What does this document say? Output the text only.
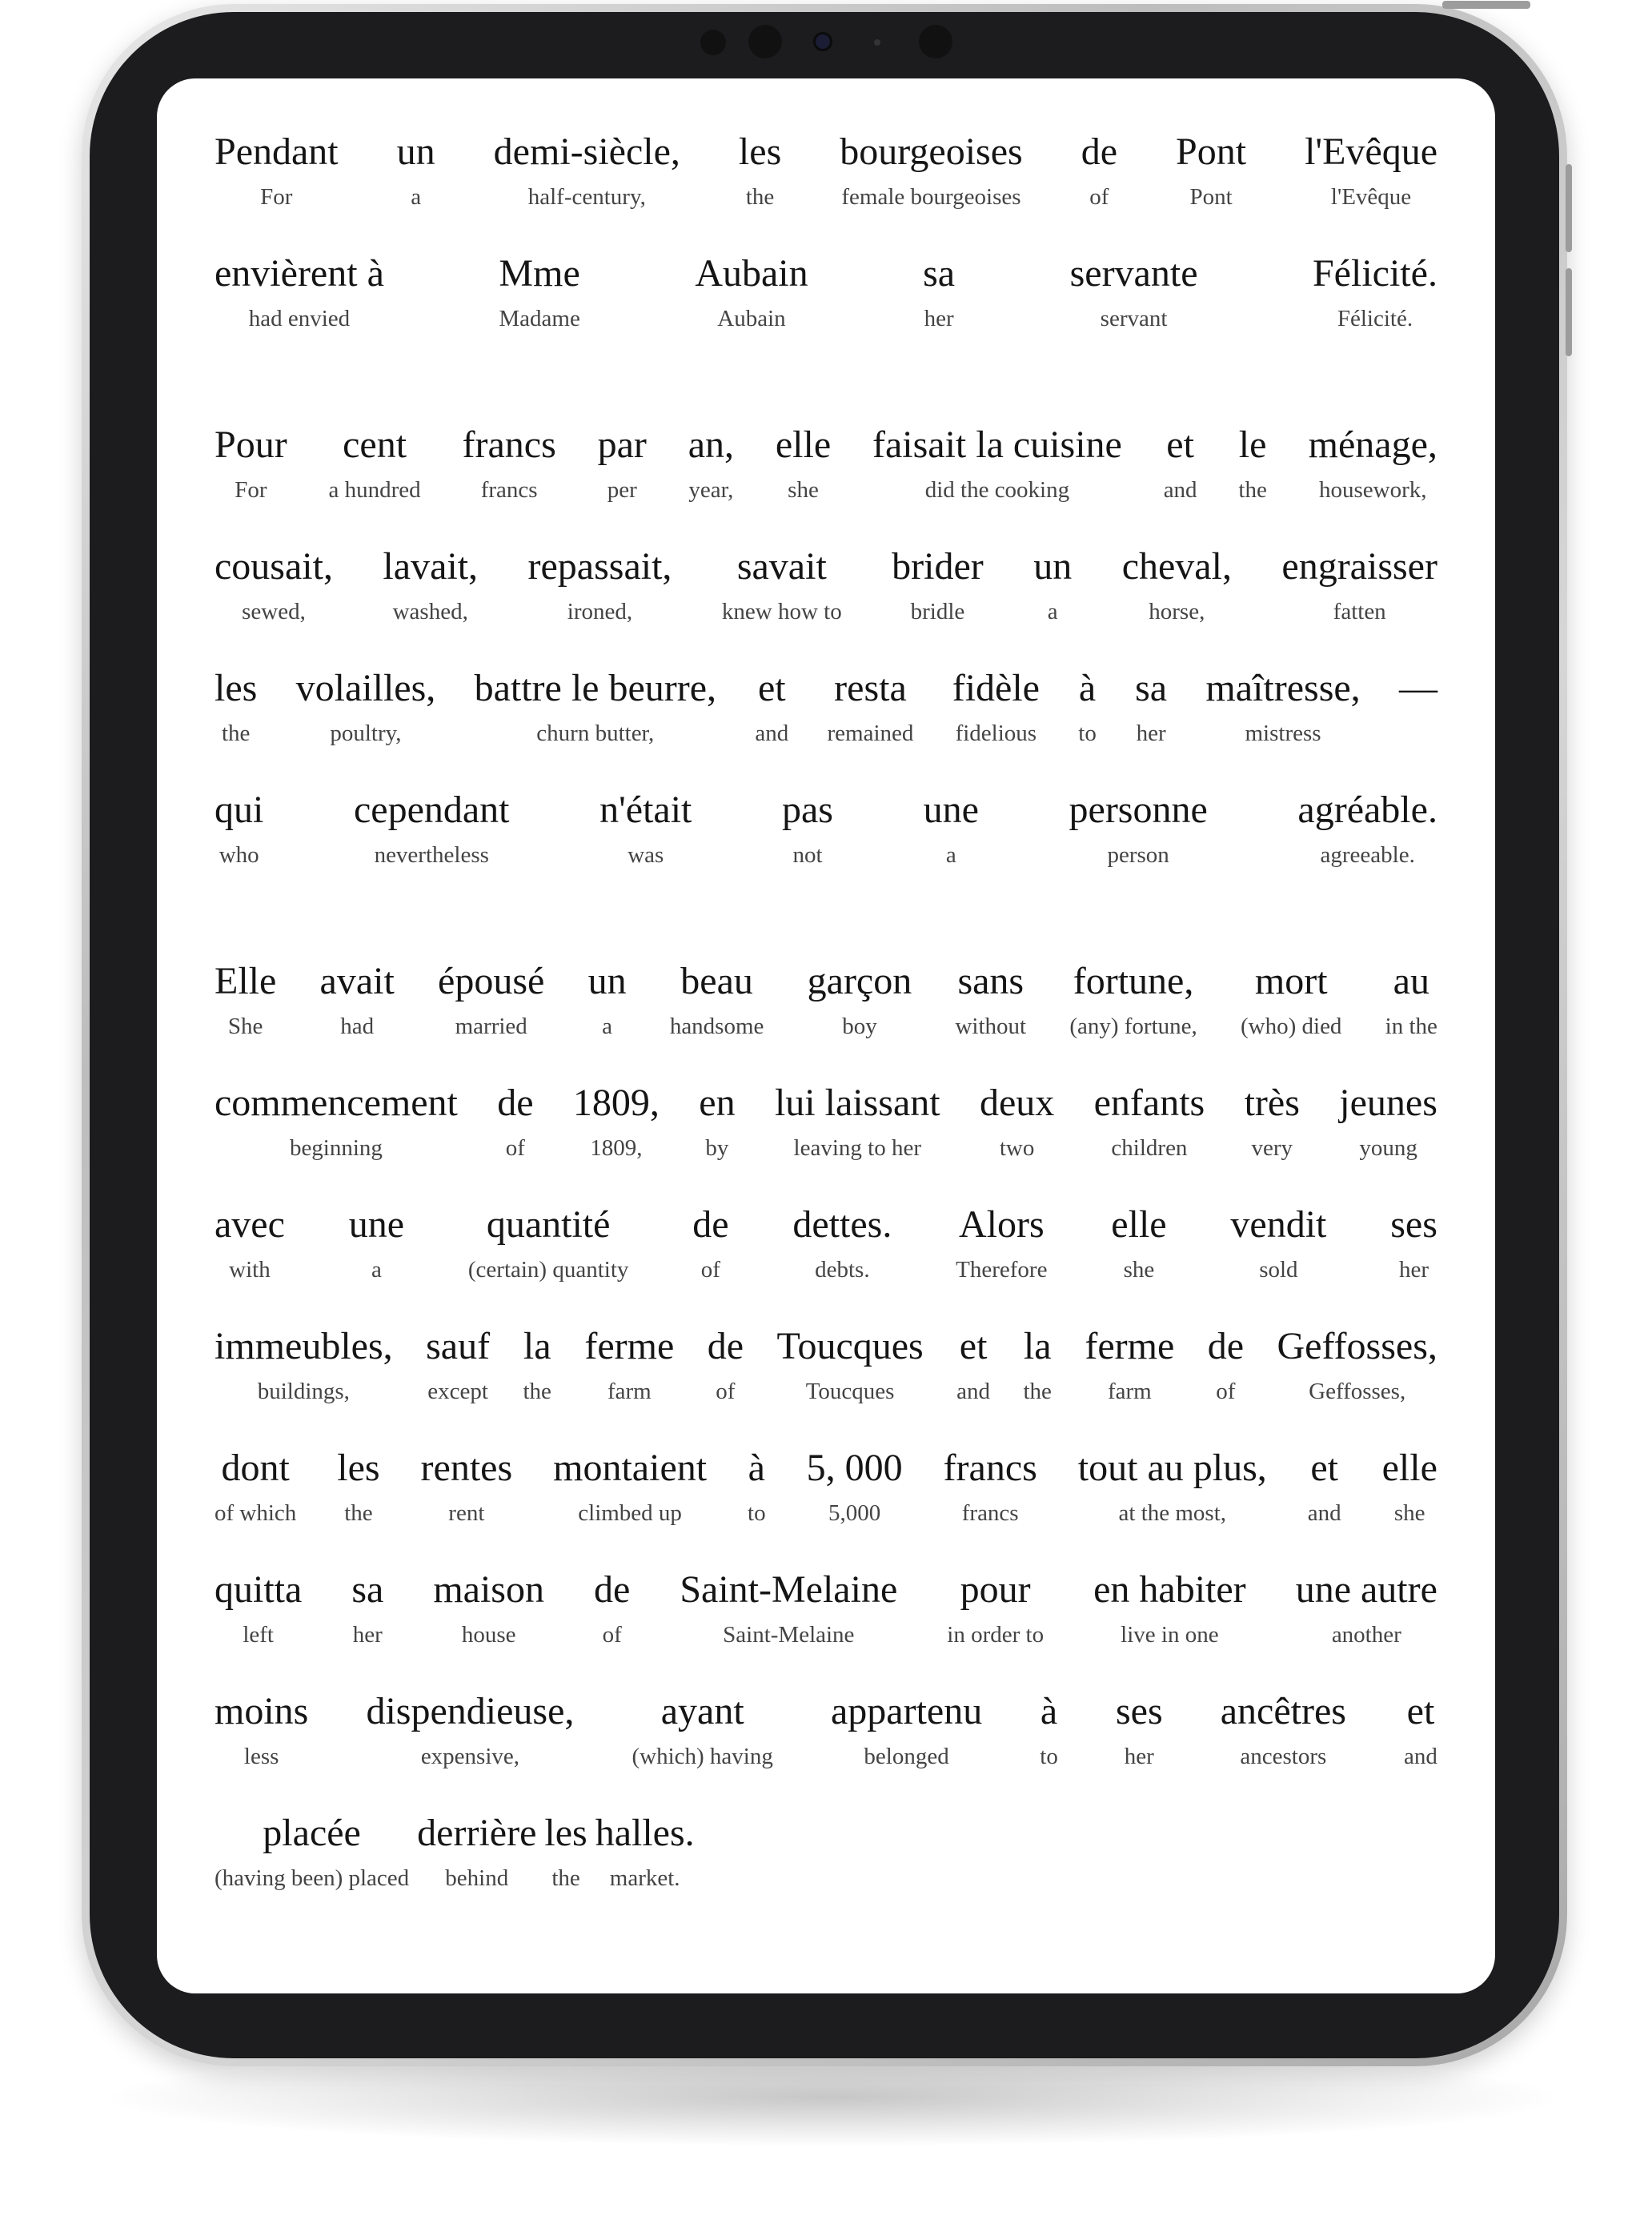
Pendant
For
un
a
demi-siècle,
half-century,
les
the
bourgeoises
female bourgeoises
de
of
Pont
Pont
l'Evêque
l'Evêque
envièrent à
had envied
Mme
Madame
Aubain
Aubain
sa
her
servante
servant
Félicité.
Félicité.
Pour
For
cent
a hundred
francs
francs
par
per
an,
year,
elle
she
faisait la cuisine
did the cooking
et
and
le
the
ménage,
housework,
cousait,
sewed,
lavait,
washed,
repassait,
ironed,
savait
knew how to
brider
bridle
un
a
cheval,
horse,
engraisser
fatten
les
the
volailles,
poultry,
battre le beurre,
churn butter,
et
and
resta
remained
fidèle
fidelious
à
to
sa
her
maîtresse,
mistress
—
qui
who
cependant
nevertheless
n'était
was
pas
not
une
a
personne
person
agréable.
agreeable.
Elle
She
avait
had
épousé
married
un
a
beau
handsome
garçon
boy
sans
without
fortune,
(any) fortune,
mort
(who) died
au
in the
commencement
beginning
de
of
1809,
1809,
en
by
lui laissant
leaving to her
deux
two
enfants
children
très
very
jeunes
young
avec
with
une
a
quantité
(certain) quantity
de
of
dettes.
debts.
Alors
Therefore
elle
she
vendit
sold
ses
her
immeubles,
buildings,
sauf
except
la
the
ferme
farm
de
of
Toucques
Toucques
et
and
la
the
ferme
farm
de
of
Geffosses,
Geffosses,
dont
of which
les
the
rentes
rent
montaient
climbed up
à
to
5, 000
5,000
francs
francs
tout au plus,
at the most,
et
and
elle
she
quitta
left
sa
her
maison
house
de
of
Saint-Melaine
Saint-Melaine
pour
in order to
en habiter
live in one
une autre
another
moins
less
dispendieuse,
expensive,
ayant
(which) having
appartenu
belonged
à
to
ses
her
ancêtres
ancestors
et
and
placée
(having been) placed
derrière
behind
les
the
halles.
market.
